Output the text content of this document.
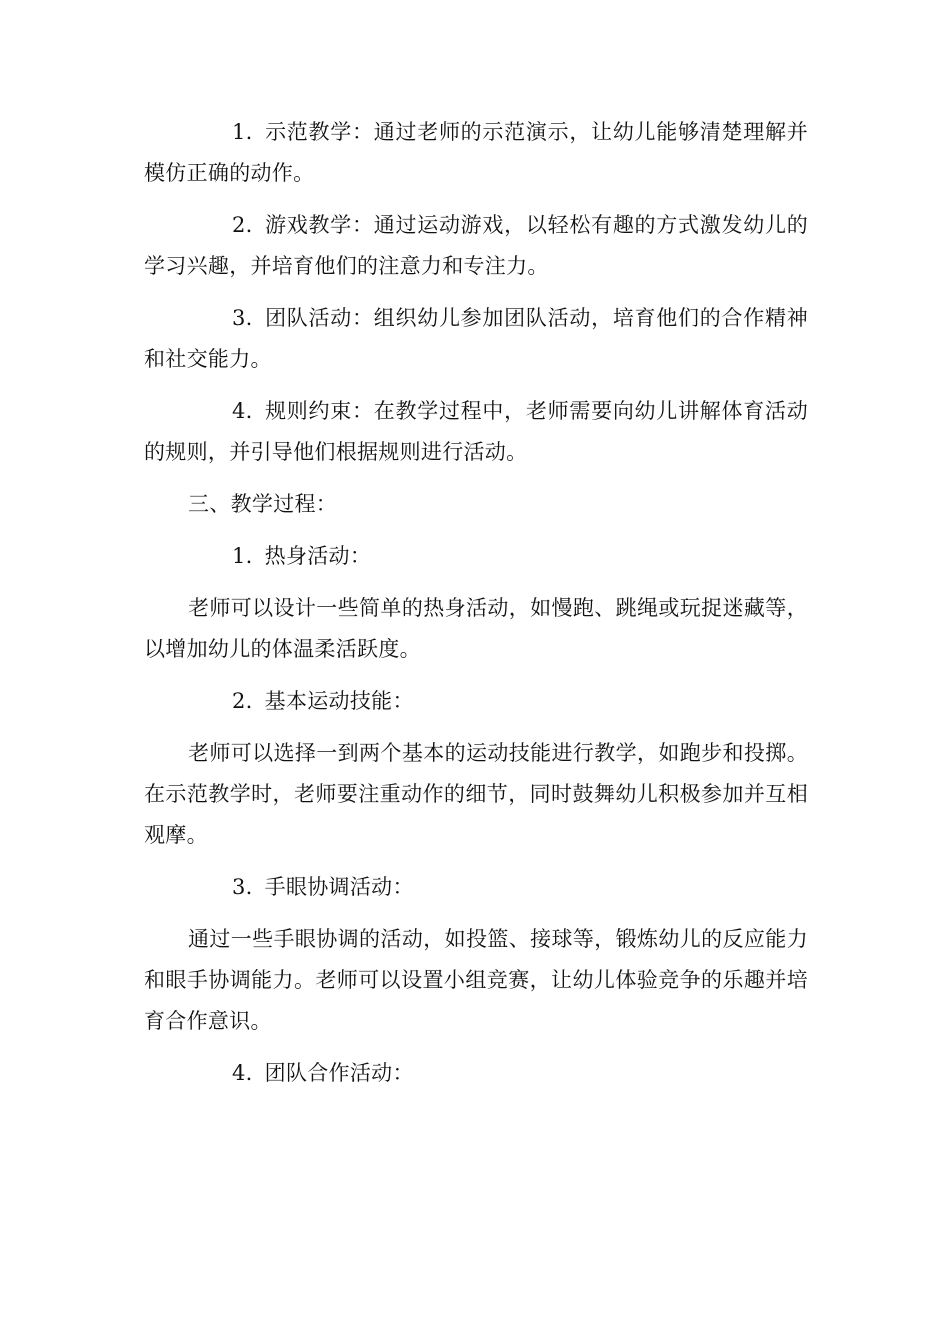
1. 示范教学：通过老师的示范演示，让幼儿能够清楚理解并模仿正确的动作。

2. 游戏教学：通过运动游戏，以轻松有趣的方式激发幼儿的学习兴趣，并培育他们的注意力和专注力。

3. 团队活动：组织幼儿参加团队活动，培育他们的合作精神和社交能力。

4. 规则约束：在教学过程中，老师需要向幼儿讲解体育活动的规则，并引导他们根据规则进行活动。

三、教学过程：

1. 热身活动：

老师可以设计一些简单的热身活动，如慢跑、跳绳或玩捉迷藏等，以增加幼儿的体温柔活跃度。

2. 基本运动技能：

老师可以选择一到两个基本的运动技能进行教学，如跑步和投掷。在示范教学时，老师要注重动作的细节，同时鼓舞幼儿积极参加并互相观摩。

3. 手眼协调活动：

通过一些手眼协调的活动，如投篮、接球等，锻炼幼儿的反应能力和眼手协调能力。老师可以设置小组竞赛，让幼儿体验竞争的乐趣并培育合作意识。

4. 团队合作活动：
